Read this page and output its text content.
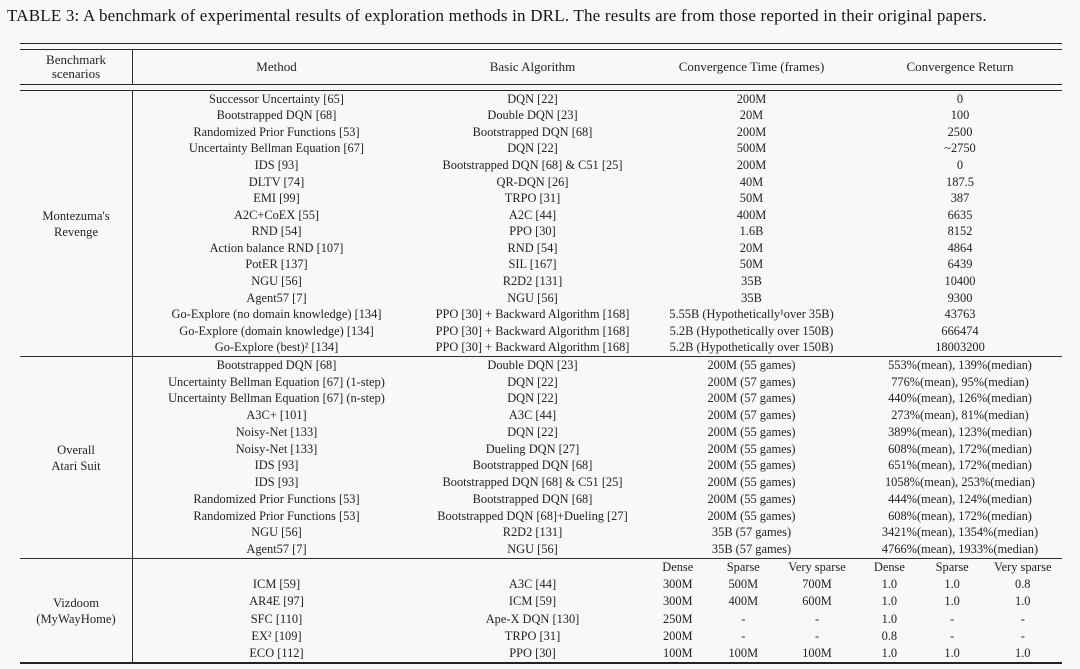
TABLE 3: A benchmark of experimental results of exploration methods in DRL. The results are from those reported in their original papers.
Benchmark scenarios	Method	Basic Algorithm	Convergence Time (frames)	Convergence Return
Montezuma's
Revenge
Successor Uncertainty [65]	DQN [22]	200M	0
Bootstrapped DQN [68]	Double DQN [23]	20M	100
Randomized Prior Functions [53]	Bootstrapped DQN [68]	200M	2500
Uncertainty Bellman Equation [67]	DQN [22]	500M	~2750
IDS [93]	Bootstrapped DQN [68] & C51 [25]	200M	0
DLTV [74]	QR-DQN [26]	40M	187.5
EMI [99]	TRPO [31]	50M	387
A2C+CoEX [55]	A2C [44]	400M	6635
RND [54]	PPO [30]	1.6B	8152
Action balance RND [107]	RND [54]	20M	4864
PotER [137]	SIL [167]	50M	6439
NGU [56]	R2D2 [131]	35B	10400
Agent57 [7]	NGU [56]	35B	9300
Go-Explore (no domain knowledge) [134]	PPO [30] + Backward Algorithm [168]	5.55B (Hypothetically¹over 35B)	43763
Go-Explore (domain knowledge) [134]	PPO [30] + Backward Algorithm [168]	5.2B (Hypothetically over 150B)	666474
Go-Explore (best)² [134]	PPO [30] + Backward Algorithm [168]	5.2B (Hypothetically over 150B)	18003200
Overall
Atari Suit
Bootstrapped DQN [68]	Double DQN [23]	200M (55 games)	553%(mean), 139%(median)
Uncertainty Bellman Equation [67] (1-step)	DQN [22]	200M (57 games)	776%(mean), 95%(median)
Uncertainty Bellman Equation [67] (n-step)	DQN [22]	200M (57 games)	440%(mean), 126%(median)
A3C+ [101]	A3C [44]	200M (57 games)	273%(mean), 81%(median)
Noisy-Net [133]	DQN [22]	200M (55 games)	389%(mean), 123%(median)
Noisy-Net [133]	Dueling DQN [27]	200M (55 games)	608%(mean), 172%(median)
IDS [93]	Bootstrapped DQN [68]	200M (55 games)	651%(mean), 172%(median)
IDS [93]	Bootstrapped DQN [68] & C51 [25]	200M (55 games)	1058%(mean), 253%(median)
Randomized Prior Functions [53]	Bootstrapped DQN [68]	200M (55 games)	444%(mean), 124%(median)
Randomized Prior Functions [53]	Bootstrapped DQN [68]+Dueling [27]	200M (55 games)	608%(mean), 172%(median)
NGU [56]	R2D2 [131]	35B (57 games)	3421%(mean), 1354%(median)
Agent57 [7]	NGU [56]	35B (57 games)	4766%(mean), 1933%(median)
Vizdoom
(MyWayHome)
Dense	Sparse	Very sparse	Dense	Sparse	Very sparse
ICM [59]	A3C [44]	300M	500M	700M	1.0	1.0	0.8
AR4E [97]	ICM [59]	300M	400M	600M	1.0	1.0	1.0
SFC [110]	Ape-X DQN [130]	250M	-	-	1.0	-	-
EX² [109]	TRPO [31]	200M	-	-	0.8	-	-
ECO [112]	PPO [30]	100M	100M	100M	1.0	1.0	1.0
